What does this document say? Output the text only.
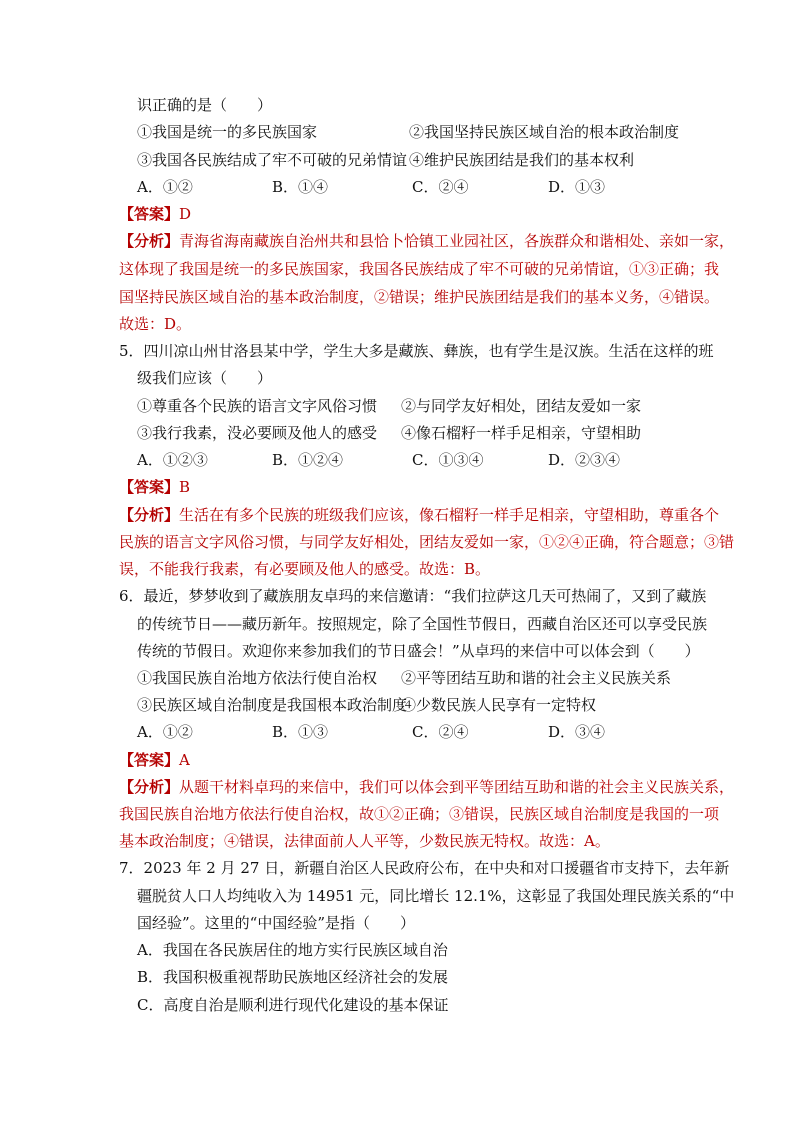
识正确的是（　　）
①我国是统一的多民族国家	②我国坚持民族区域自治的根本政治制度
③我国各民族结成了牢不可破的兄弟情谊 ④维护民族团结是我们的基本权利
A．①②	B．①④	C．②④	D．①③
【答案】D
【分析】青海省海南藏族自治州共和县恰卜恰镇工业园社区，各族群众和谐相处、亲如一家，
这体现了我国是统一的多民族国家，我国各民族结成了牢不可破的兄弟情谊，①③正确；我
国坚持民族区域自治的基本政治制度，②错误；维护民族团结是我们的基本义务，④错误。
故选：D。
5．四川凉山州甘洛县某中学，学生大多是藏族、彝族，也有学生是汉族。生活在这样的班
级我们应该（　　）
①尊重各个民族的语言文字风俗习惯 ②与同学友好相处，团结友爱如一家
③我行我素，没必要顾及他人的感受 ④像石榴籽一样手足相亲，守望相助
A．①②③	B．①②④	C．①③④	D．②③④
【答案】B
【分析】生活在有多个民族的班级我们应该，像石榴籽一样手足相亲，守望相助，尊重各个
民族的语言文字风俗习惯，与同学友好相处，团结友爱如一家，①②④正确，符合题意；③错
误，不能我行我素，有必要顾及他人的感受。故选：B。
6．最近，梦梦收到了藏族朋友卓玛的来信邀请：“我们拉萨这几天可热闹了，又到了藏族
的传统节日——藏历新年。按照规定，除了全国性节假日，西藏自治区还可以享受民族
传统的节假日。欢迎你来参加我们的节日盛会！”从卓玛的来信中可以体会到（　　）
①我国民族自治地方依法行使自治权 ②平等团结互助和谐的社会主义民族关系
③民族区域自治制度是我国根本政治制度
④少数民族人民享有一定特权
A．①②	B．①③	C．②④	D．③④
【答案】A
【分析】从题干材料卓玛的来信中，我们可以体会到平等团结互助和谐的社会主义民族关系，
我国民族自治地方依法行使自治权，故①②正确；③错误，民族区域自治制度是我国的一项
基本政治制度；④错误，法律面前人人平等，少数民族无特权。故选：A。
7．2023 年 2 月 27 日，新疆自治区人民政府公布，在中央和对口援疆省市支持下，去年新
疆脱贫人口人均纯收入为 14951 元，同比增长 12.1%，这彰显了我国处理民族关系的“中
国经验”。这里的“中国经验”是指（　　）
A．我国在各民族居住的地方实行民族区域自治
B．我国积极重视帮助民族地区经济社会的发展
C．高度自治是顺利进行现代化建设的基本保证
